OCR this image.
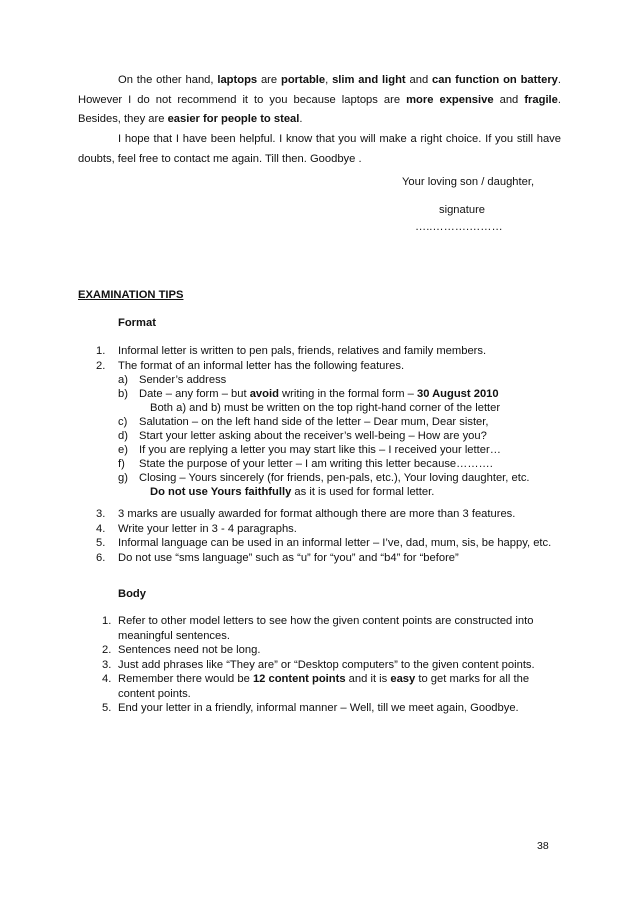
On the other hand, laptops are portable, slim and light and can function on battery. However I do not recommend it to you because laptops are more expensive and fragile. Besides, they are easier for people to steal.

I hope that I have been helpful. I know that you will make a right choice. If you still have doubts, feel free to contact me again. Till then. Goodbye .

Your loving son / daughter,
signature
…..……….………
EXAMINATION TIPS
Format
1. Informal letter is written to pen pals, friends, relatives and family members.
2. The format of an informal letter has the following features.
a) Sender’s address
b) Date – any form – but avoid writing in the formal form – 30 August 2010
Both a) and b) must be written on the top right-hand corner of the letter
c) Salutation – on the left hand side of the letter – Dear mum, Dear sister,
d) Start your letter asking about the receiver’s well-being – How are you?
e) If you are replying a letter you may start like this – I received your letter…
f) State the purpose of your letter – I am writing this letter because……….
g) Closing – Yours sincerely (for friends, pen-pals, etc.), Your loving daughter, etc.
Do not use Yours faithfully as it is used for formal letter.
3. 3 marks are usually awarded for format although there are more than 3 features.
4. Write your letter in 3 - 4 paragraphs.
5. Informal language can be used in an informal letter – I’ve, dad, mum, sis, be happy, etc.
6. Do not use “sms language” such as “u” for “you” and “b4” for “before”
Body
1. Refer to other model letters to see how the given content points are constructed into meaningful sentences.
2. Sentences need not be long.
3. Just add phrases like “They are” or “Desktop computers” to the given content points.
4. Remember there would be 12 content points and it is easy to get marks for all the content points.
5. End your letter in a friendly, informal manner – Well, till we meet again, Goodbye.
38
